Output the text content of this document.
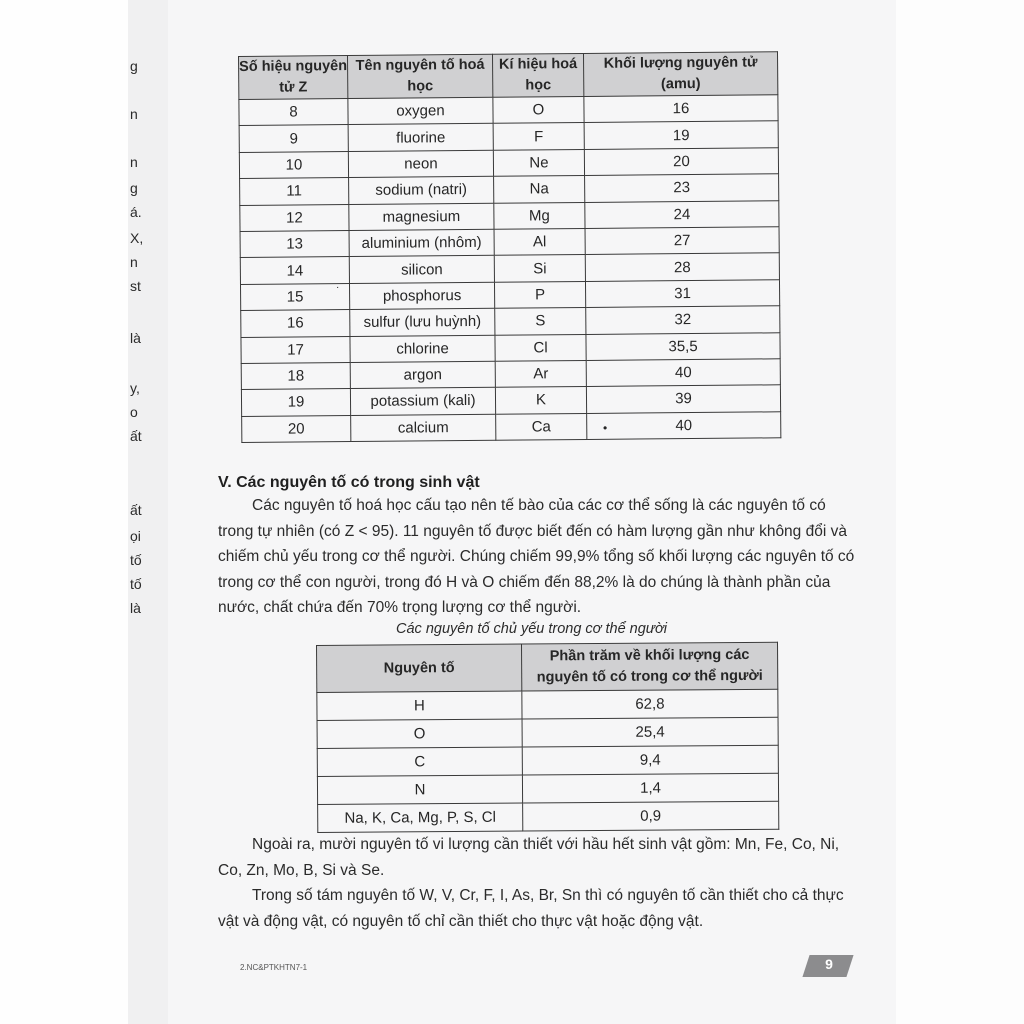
g
n
n
g
á.
X,
n
st
là
y,
o
ất
ất
ọi
tố
tố
là
Số hiệu nguyên tử Z	Tên nguyên tố hoá học	Kí hiệu hoá học	Khối lượng nguyên tử (amu)
8	oxygen	O	16
9	fluorine	F	19
10	neon	Ne	20
11	sodium (natri)	Na	23
12	magnesium	Mg	24
13	aluminium (nhôm)	Al	27
14	silicon	Si	28
15	phosphorus	P	31
16	sulfur (lưu huỳnh)	S	32
17	chlorine	Cl	35,5
18	argon	Ar	40
19	potassium (kali)	K	39
20	calcium	Ca	40
·
•
V. Các nguyên tố có trong sinh vật

Các nguyên tố hoá học cấu tạo nên tế bào của các cơ thể sống là các nguyên tố có trong tự nhiên (có Z < 95). 11 nguyên tố được biết đến có hàm lượng gần như không đổi và chiếm chủ yếu trong cơ thể người. Chúng chiếm 99,9% tổng số khối lượng các nguyên tố có trong cơ thể con người, trong đó H và O chiếm đến 88,2% là do chúng là thành phần của nước, chất chứa đến 70% trọng lượng cơ thể người.

Các nguyên tố chủ yếu trong cơ thể người
Nguyên tố	Phần trăm về khối lượng các nguyên tố có trong cơ thể người
H	62,8
O	25,4
C	9,4
N	1,4
Na, K, Ca, Mg, P, S, Cl	0,9

Ngoài ra, mười nguyên tố vi lượng cần thiết với hầu hết sinh vật gồm: Mn, Fe, Co, Ni, Co, Zn, Mo, B, Si và Se.

Trong số tám nguyên tố W, V, Cr, F, I, As, Br, Sn thì có nguyên tố cần thiết cho cả thực vật và động vật, có nguyên tố chỉ cần thiết cho thực vật hoặc động vật.

2.NC&PTKHTN7-1	9
